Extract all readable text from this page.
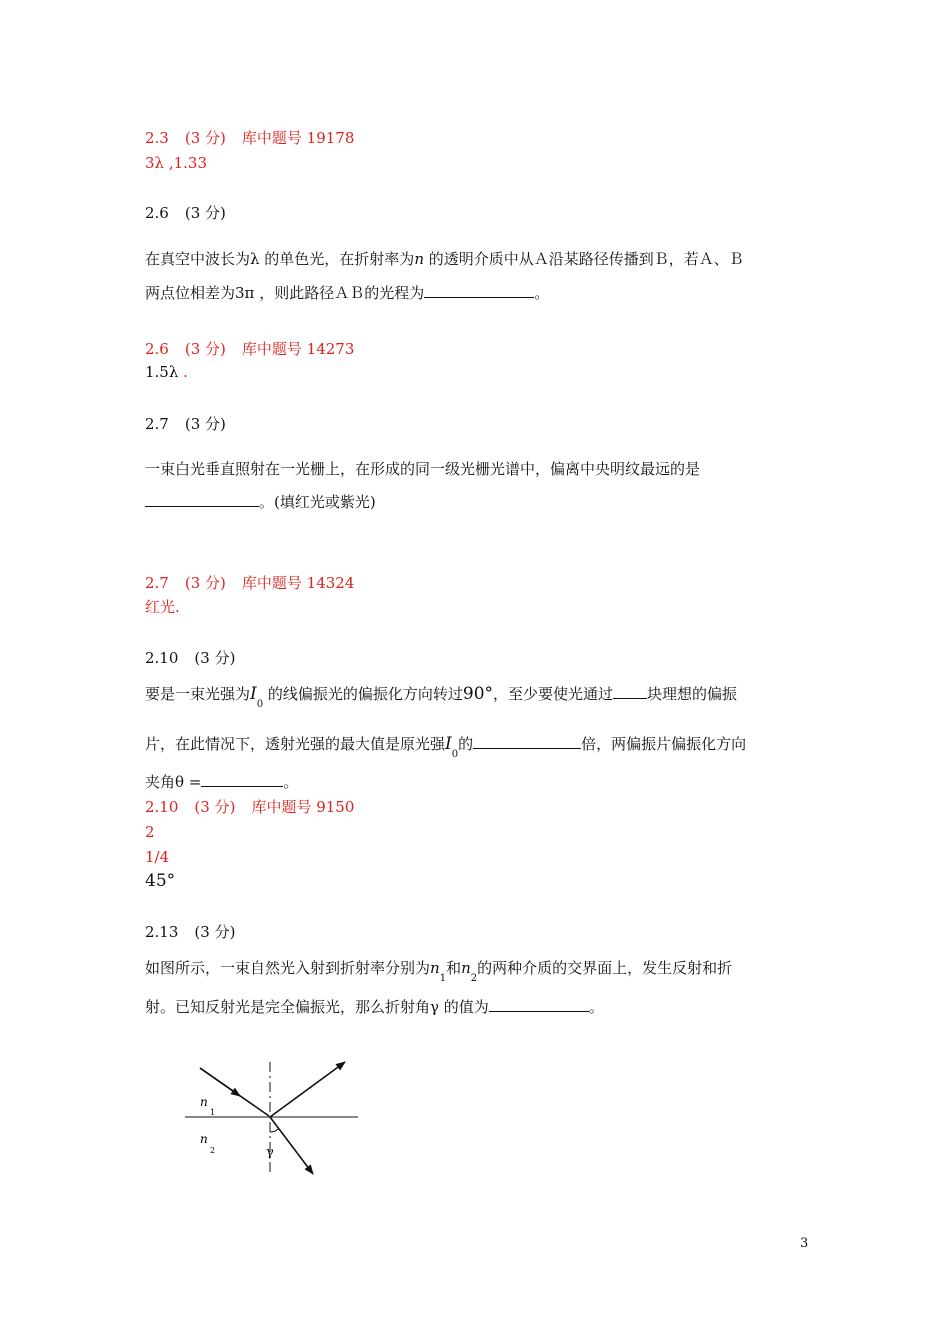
2.3 (3 分) 库中题号 19178
3λ ,1.33
2.6 (3 分)
在真空中波长为λ 的单色光，在折射率为n 的透明介质中从Ａ沿某路径传播到Ｂ，若Ａ、Ｂ
两点位相差为3π ，则此路径ＡＢ的光程为	。
2.6 (3 分) 库中题号 14273
1.5λ .
2.7 (3 分)
一束白光垂直照射在一光栅上，在形成的同一级光栅光谱中，偏离中央明纹最远的是
。(填红光或紫光)
2.7 (3 分) 库中题号 14324
红光.
2.10 (3 分)
要是一束光强为$I_0$ 的线偏振光的偏振化方向转过90°，至少要使光通过 块理想的偏振
片，在此情况下，透射光强的最大值是原光强$I_0$的	倍，两偏振片偏振化方向
夹角θ =	。
2.10 (3 分) 库中题号 9150
2
1/4
45°
2.13 (3 分)
如图所示，一束自然光入射到折射率分别为$n_1$和$n_2$的两种介质的交界面上，发生反射和折
射。已知反射光是完全偏振光，那么折射角γ 的值为	。
n
1
n
2	γ
3
